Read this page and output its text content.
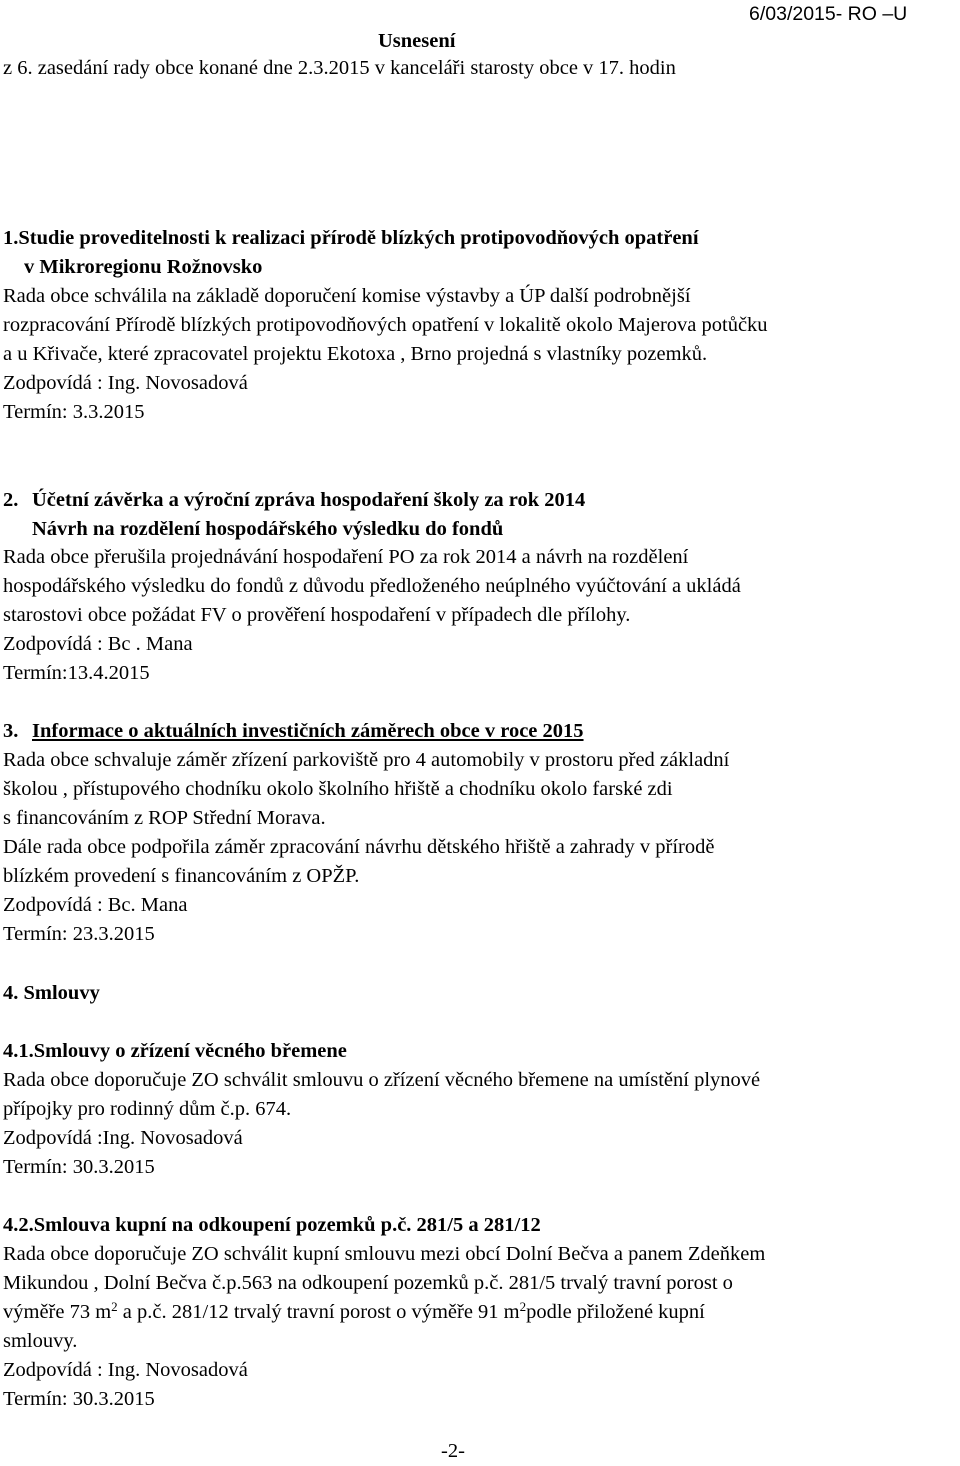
Usnesení
6/03/2015- RO –U
z 6. zasedání rady obce konané dne 2.3.2015 v kanceláři starosty obce v 17. hodin
1.Studie proveditelnosti k realizaci přírodě blízkých protipovodňových opatření
v Mikroregionu Rožnovsko
Rada obce schválila na základě doporučení komise výstavby a ÚP další podrobnější
rozpracování Přírodě blízkých protipovodňových opatření v lokalitě okolo Majerova potůčku
a u Křivače, které zpracovatel projektu Ekotoxa , Brno projedná s vlastníky pozemků.
Zodpovídá : Ing. Novosadová
Termín: 3.3.2015
2. Účetní závěrka a výroční zpráva hospodaření školy za rok 2014
Návrh na rozdělení hospodářského výsledku do fondů
Rada obce přerušila projednávání hospodaření PO za rok 2014 a návrh na rozdělení
hospodářského výsledku do fondů z důvodu předloženého neúplného vyúčtování a ukládá
starostovi obce požádat FV o prověření hospodaření v případech dle přílohy.
Zodpovídá : Bc . Mana
Termín:13.4.2015
3. Informace o aktuálních investičních záměrech obce v roce 2015
Rada obce schvaluje záměr zřízení parkoviště pro 4 automobily v prostoru před základní
školou , přístupového chodníku okolo školního hřiště a chodníku okolo farské zdi
s financováním z ROP Střední Morava.
Dále rada obce podpořila záměr zpracování návrhu dětského hřiště a zahrady v přírodě
blízkém provedení s financováním z OPŽP.
Zodpovídá : Bc. Mana
Termín: 23.3.2015
4. Smlouvy
4.1.Smlouvy o zřízení věcného břemene
Rada obce doporučuje ZO schválit smlouvu o zřízení věcného břemene na umístění plynové
přípojky pro rodinný dům č.p. 674.
Zodpovídá :Ing. Novosadová
Termín: 30.3.2015
4.2.Smlouva kupní na odkoupení pozemků p.č. 281/5 a 281/12
Rada obce doporučuje ZO schválit kupní smlouvu mezi obcí Dolní Bečva a panem Zdeňkem
Mikundou , Dolní Bečva č.p.563 na odkoupení pozemků p.č. 281/5 trvalý travní porost o
výměře 73 $m^2$ a p.č. 281/12 trvalý travní porost o výměře 91 $m^2podle$ přiložené kupní
smlouvy.
Zodpovídá : Ing. Novosadová
Termín: 30.3.2015
-2-
